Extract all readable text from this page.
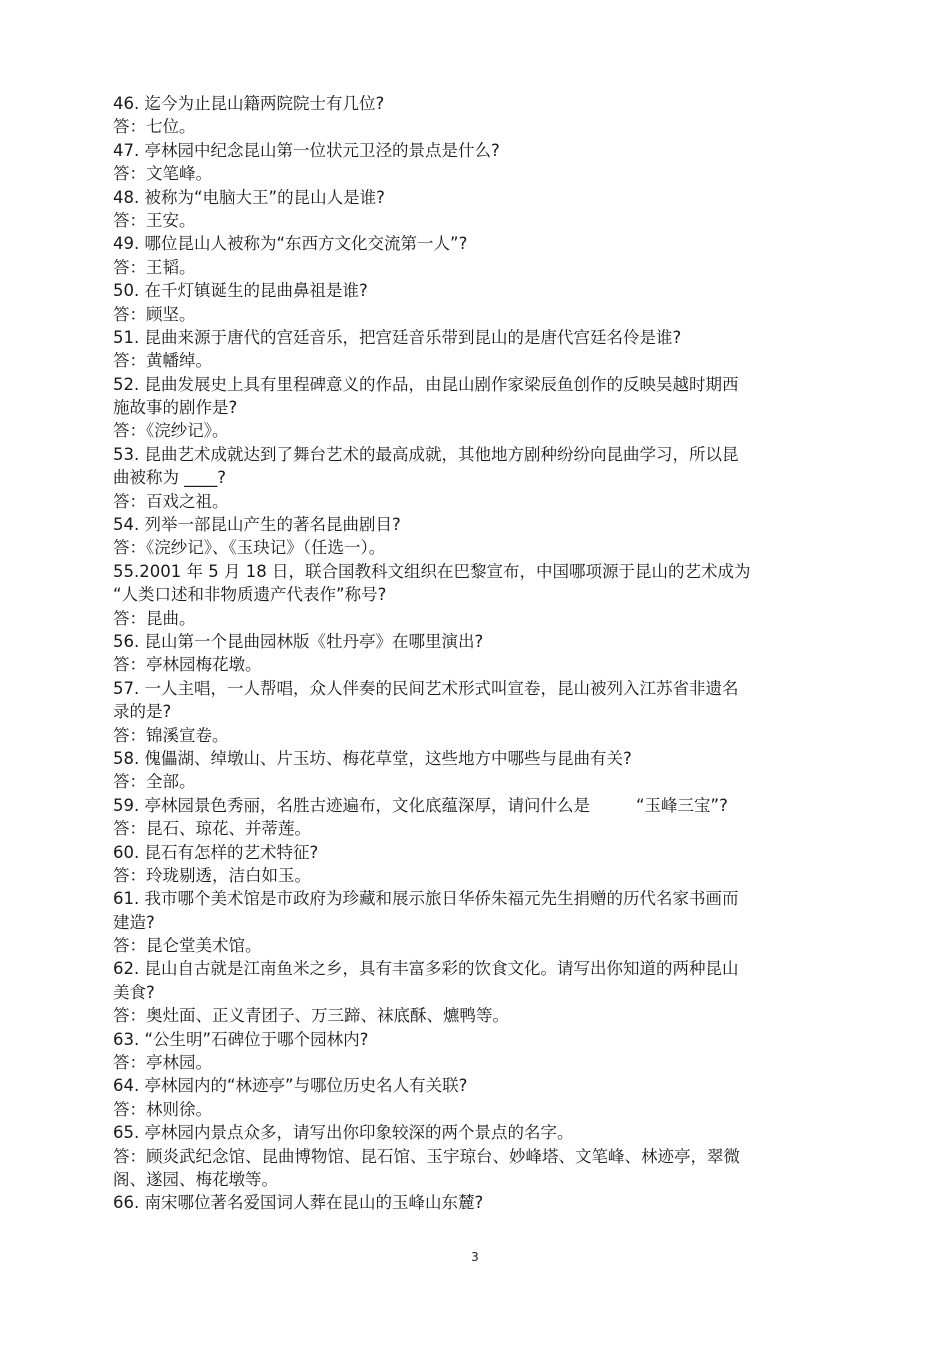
46. 迄今为止昆山籍两院院士有几位?
答：七位。
47. 亭林园中纪念昆山第一位状元卫泾的景点是什么?
答：文笔峰。
48. 被称为“电脑大王”的昆山人是谁?
答：王安。
49. 哪位昆山人被称为“东西方文化交流第一人”?
答：王韬。
50. 在千灯镇诞生的昆曲鼻祖是谁?
答：顾坚。
51. 昆曲来源于唐代的宫廷音乐，把宫廷音乐带到昆山的是唐代宫廷名伶是谁?
答：黄幡绰。
52. 昆曲发展史上具有里程碑意义的作品，由昆山剧作家梁辰鱼创作的反映吴越时期西
施故事的剧作是?
答：《浣纱记》。
53. 昆曲艺术成就达到了舞台艺术的最高成就，其他地方剧种纷纷向昆曲学习，所以昆
曲被称为 ____?
答：百戏之祖。
54. 列举一部昆山产生的著名昆曲剧目?
答：《浣纱记》、《玉玦记》（任选一）。
55.2001 年 5 月 18 日，联合国教科文组织在巴黎宣布，中国哪项源于昆山的艺术成为
“人类口述和非物质遗产代表作”称号?
答：昆曲。
56. 昆山第一个昆曲园林版《牡丹亭》在哪里演出?
答：亭林园梅花墩。
57. 一人主唱，一人帮唱，众人伴奏的民间艺术形式叫宣卷，昆山被列入江苏省非遗名
录的是?
答：锦溪宣卷。
58. 傀儡湖、绰墩山、片玉坊、梅花草堂，这些地方中哪些与昆曲有关?
答：全部。
59. 亭林园景色秀丽，名胜古迹遍布，文化底蕴深厚，请问什么是	“玉峰三宝”?
答：昆石、琼花、并蒂莲。
60. 昆石有怎样的艺术特征?
答：玲珑剔透，洁白如玉。
61. 我市哪个美术馆是市政府为珍藏和展示旅日华侨朱福元先生捐赠的历代名家书画而
建造?
答：昆仑堂美术馆。
62. 昆山自古就是江南鱼米之乡，具有丰富多彩的饮食文化。请写出你知道的两种昆山
美食?
答：奥灶面、正义青团子、万三蹄、袜底酥、爊鸭等。
63. “公生明”石碑位于哪个园林内?
答：亭林园。
64. 亭林园内的“林迹亭”与哪位历史名人有关联?
答：林则徐。
65. 亭林园内景点众多，请写出你印象较深的两个景点的名字。
答：顾炎武纪念馆、昆曲博物馆、昆石馆、玉宇琼台、妙峰塔、文笔峰、林迹亭，翠微
阁、遂园、梅花墩等。
66. 南宋哪位著名爱国词人葬在昆山的玉峰山东麓?
3
